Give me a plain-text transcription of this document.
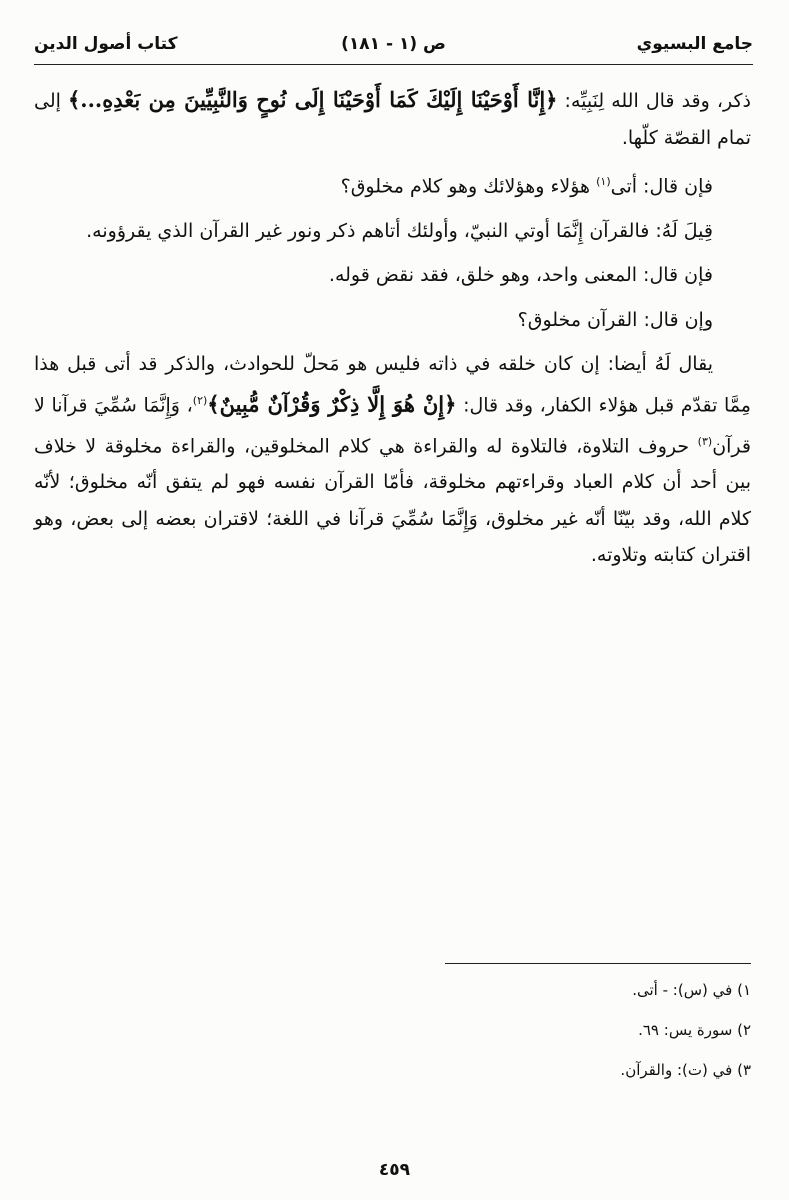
جامع البسيوي
ص (١ - ١٨١)
كتاب أصول الدين

ذكر، وقد قال الله لِنَبِيِّه: ﴿إِنَّا أَوْحَيْنَا إِلَيْكَ كَمَا أَوْحَيْنَا إِلَى نُوحٍ وَالنَّبِيِّينَ مِن بَعْدِهِ...﴾ إلى تمام القصّة كلّها.

فإن قال: أتى$^{(١)}$ هؤلاء وهؤلائك وهو كلام مخلوق؟

قِيلَ لَهُ: فالقرآن إِنَّمَا أوتي النبيّ، وأولئك أتاهم ذكر ونور غير القرآن الذي يقرؤونه.

فإن قال: المعنى واحد، وهو خلق، فقد نقض قوله.

وإن قال: القرآن مخلوق؟

يقال لَهُ أيضا: إن كان خلقه في ذاته فليس هو مَحلّ للحوادث، والذكر قد أتى قبل هذا مِمَّا تقدّم قبل هؤلاء الكفار، وقد قال: ﴿إِنْ هُوَ إِلَّا ذِكْرٌ وَقُرْآنٌ مُّبِينٌ﴾$^{(٢)}$، وَإِنَّمَا سُمِّيَ قرآنا لا قرآن$^{(٣)}$ حروف التلاوة، فالتلاوة له والقراءة هي كلام المخلوقين، والقراءة مخلوقة لا خلاف بين أحد أن كلام العباد وقراءتهم مخلوقة، فأمّا القرآن نفسه فهو لم يتفق أنّه مخلوق؛ لأنّه كلام الله، وقد بيّنّا أنّه غير مخلوق، وَإِنَّمَا سُمِّيَ قرآنا في اللغة؛ لاقتران بعضه إلى بعض، وهو اقتران كتابته وتلاوته.

١) في (س): - أتى.
٢) سورة يس: ٦٩.
٣) في (ت): والقرآن.
٤٥٩
